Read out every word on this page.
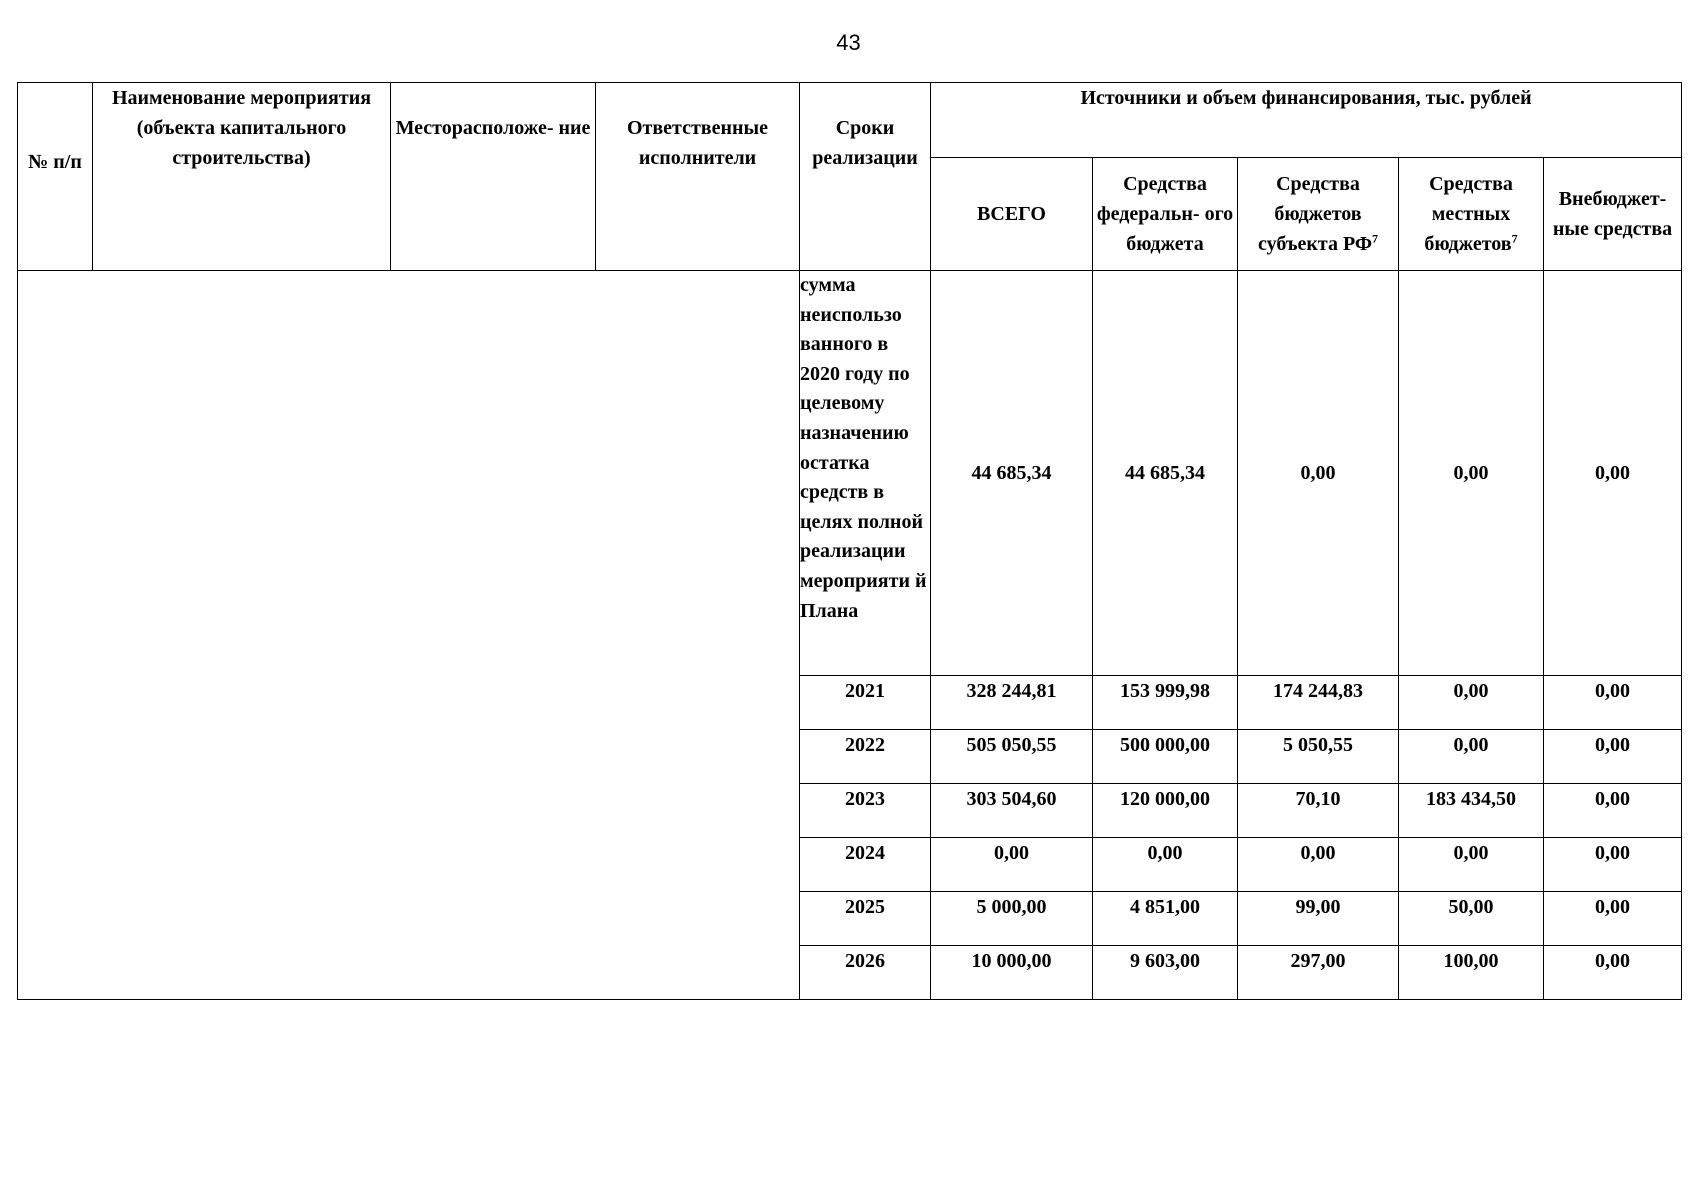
43
№ п/п	Наименование мероприятия (объекта капитального строительства)	Месторасположе- ние	Ответственные исполнители	Сроки реализации	Источники и объем финансирования, тыс. рублей				
					ВСЕГО	Средства федеральн- ого бюджета	Средства бюджетов субъекта $РФ^7$	Средства местных бюджетов$^7$	Внебюджет- ные средства
				сумма неиспользо ванного в 2020 году по целевому назначению остатка средств в целях полной реализации мероприяти й Плана	44 685,34	44 685,34	0,00	0,00	0,00
				2021	328 244,81	153 999,98	174 244,83	0,00	0,00
				2022	505 050,55	500 000,00	5 050,55	0,00	0,00
				2023	303 504,60	120 000,00	70,10	183 434,50	0,00
				2024	0,00	0,00	0,00	0,00	0,00
				2025	5 000,00	4 851,00	99,00	50,00	0,00
				2026	10 000,00	9 603,00	297,00	100,00	0,00
